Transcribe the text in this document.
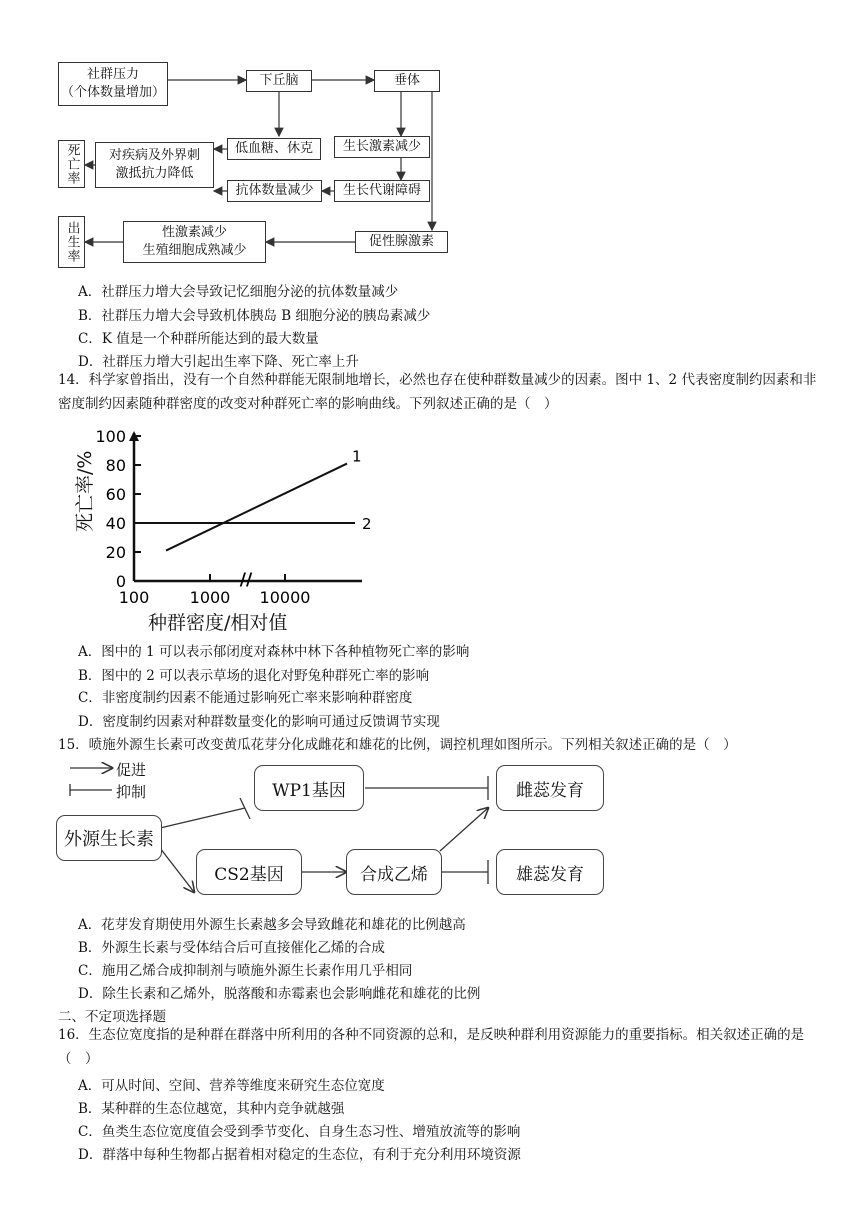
社群压力
（个体数量增加）
下丘脑	垂体
低血糖、休克	生长激素减少
对疾病及外界刺
激抵抗力降低
抗体数量减少	生长代谢障碍
死亡率
性激素减少
生殖细胞成熟减少
促性腺激素
出生率
A．社群压力增大会导致记忆细胞分泌的抗体数量减少
B．社群压力增大会导致机体胰岛 B 细胞分泌的胰岛素减少
C．K 值是一个种群所能达到的最大数量
D．社群压力增大引起出生率下降、死亡率上升
14．科学家曾指出，没有一个自然种群能无限制地增长，必然也存在使种群数量减少的因素。图中 1、2 代表密度制约因素和非密度制约因素随种群密度的改变对种群死亡率的影响曲线。下列叙述正确的是（　）
100
80
60
40
20
0
100	1000 10000
//
1
2
死亡率/%
种群密度/相对值
A．图中的 1 可以表示郁闭度对森林中林下各种植物死亡率的影响
B．图中的 2 可以表示草场的退化对野兔种群死亡率的影响
C．非密度制约因素不能通过影响死亡率来影响种群密度
D．密度制约因素对种群数量变化的影响可通过反馈调节实现
15．喷施外源生长素可改变黄瓜花芽分化成雌花和雄花的比例，调控机理如图所示。下列相关叙述正确的是（　）
促进
抑制
外源生长素
WP1基因
CS2基因	合成乙烯
雌蕊发育
雄蕊发育
A．花芽发育期使用外源生长素越多会导致雌花和雄花的比例越高
B．外源生长素与受体结合后可直接催化乙烯的合成
C．施用乙烯合成抑制剂与喷施外源生长素作用几乎相同
D．除生长素和乙烯外，脱落酸和赤霉素也会影响雌花和雄花的比例
二、不定项选择题
16．生态位宽度指的是种群在群落中所利用的各种不同资源的总和，是反映种群利用资源能力的重要指标。相关叙述正确的是（　）
A．可从时间、空间、营养等维度来研究生态位宽度
B．某种群的生态位越宽，其种内竞争就越强
C．鱼类生态位宽度值会受到季节变化、自身生态习性、增殖放流等的影响
D．群落中每种生物都占据着相对稳定的生态位，有利于充分利用环境资源
